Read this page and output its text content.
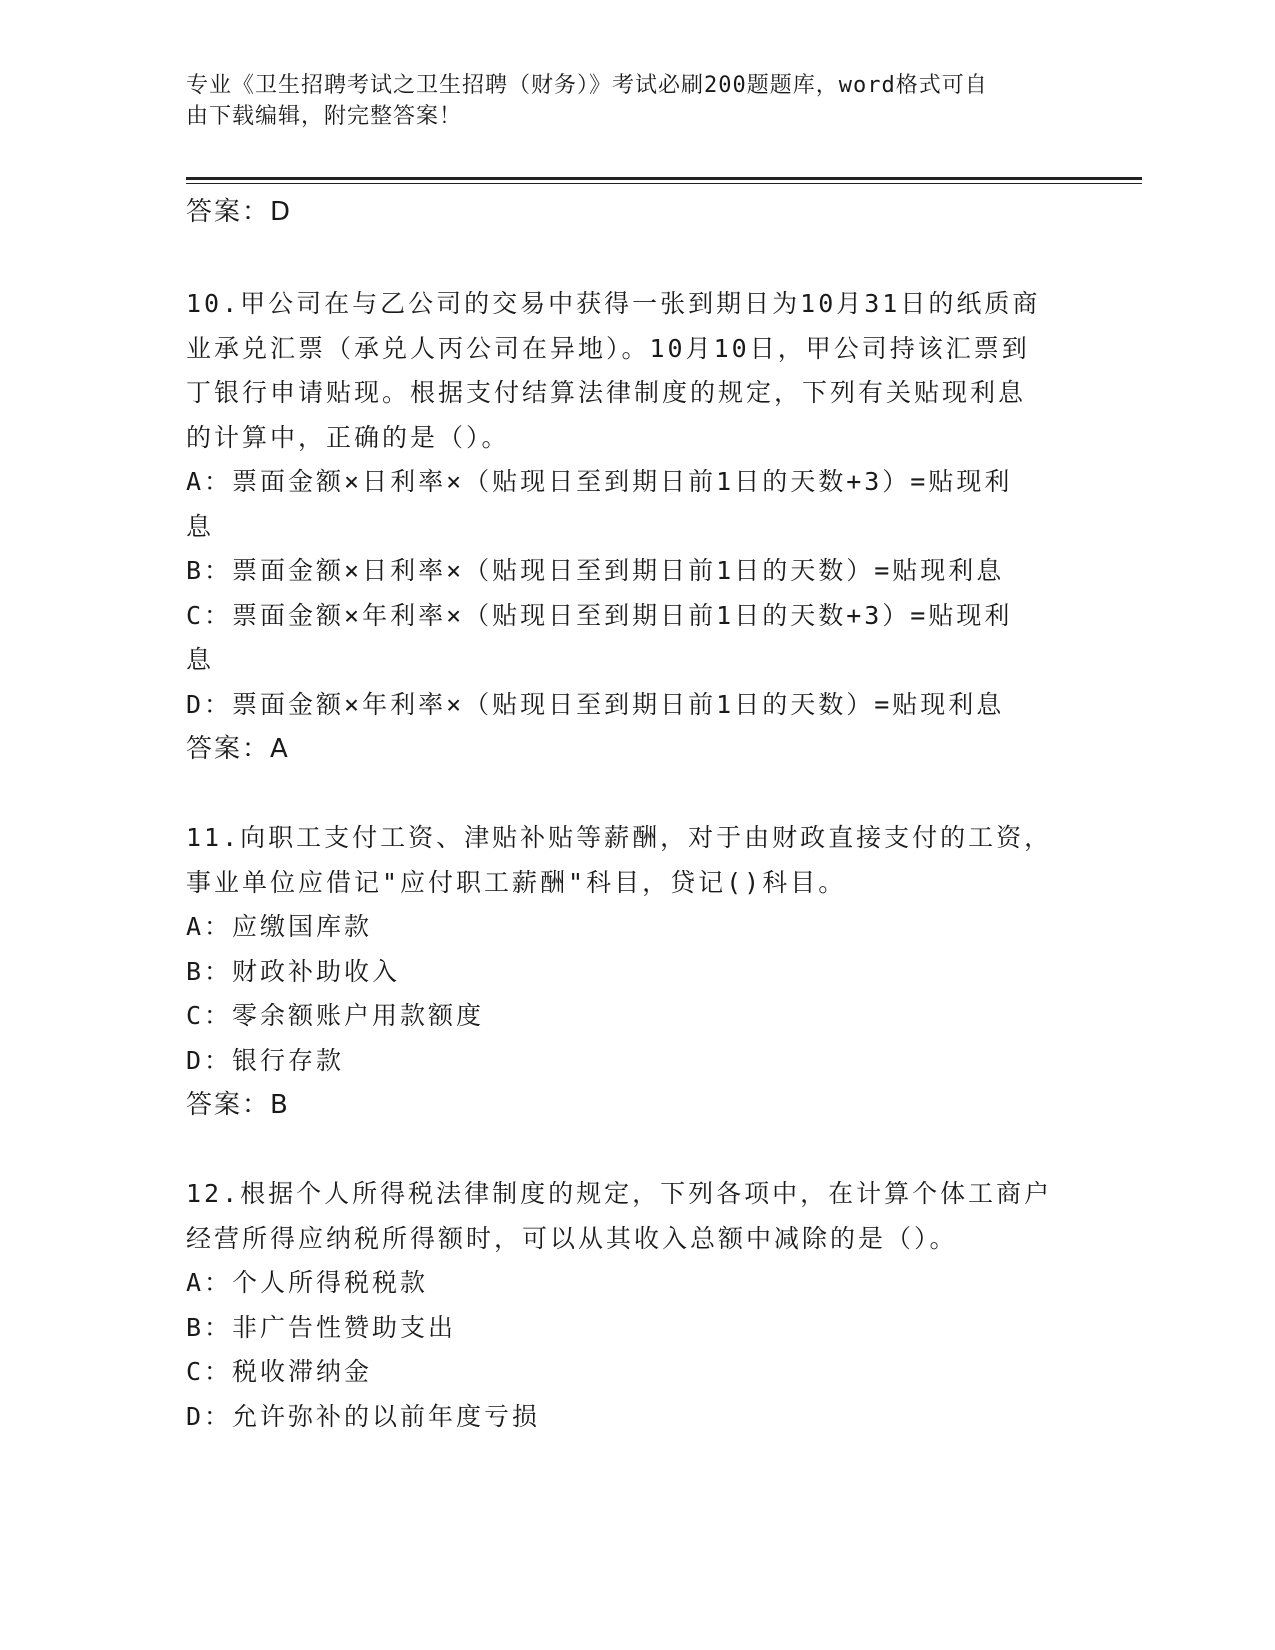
专业《卫生招聘考试之卫生招聘（财务）》考试必刷200题题库，word格式可自
由下载编辑，附完整答案！
答案：D
10.甲公司在与乙公司的交易中获得一张到期日为10月31日的纸质商
业承兑汇票（承兑人丙公司在异地）。10月10日，甲公司持该汇票到
丁银行申请贴现。根据支付结算法律制度的规定，下列有关贴现利息
的计算中，正确的是（）。
A：票面金额×日利率×（贴现日至到期日前1日的天数+3）=贴现利
息
B：票面金额×日利率×（贴现日至到期日前1日的天数）=贴现利息
C：票面金额×年利率×（贴现日至到期日前1日的天数+3）=贴现利
息
D：票面金额×年利率×（贴现日至到期日前1日的天数）=贴现利息
答案：A
11.向职工支付工资、津贴补贴等薪酬，对于由财政直接支付的工资，
事业单位应借记"应付职工薪酬"科目，贷记()科目。
A：应缴国库款
B：财政补助收入
C：零余额账户用款额度
D：银行存款
答案：B
12.根据个人所得税法律制度的规定，下列各项中，在计算个体工商户
经营所得应纳税所得额时，可以从其收入总额中减除的是（）。
A：个人所得税税款
B：非广告性赞助支出
C：税收滞纳金
D：允许弥补的以前年度亏损
